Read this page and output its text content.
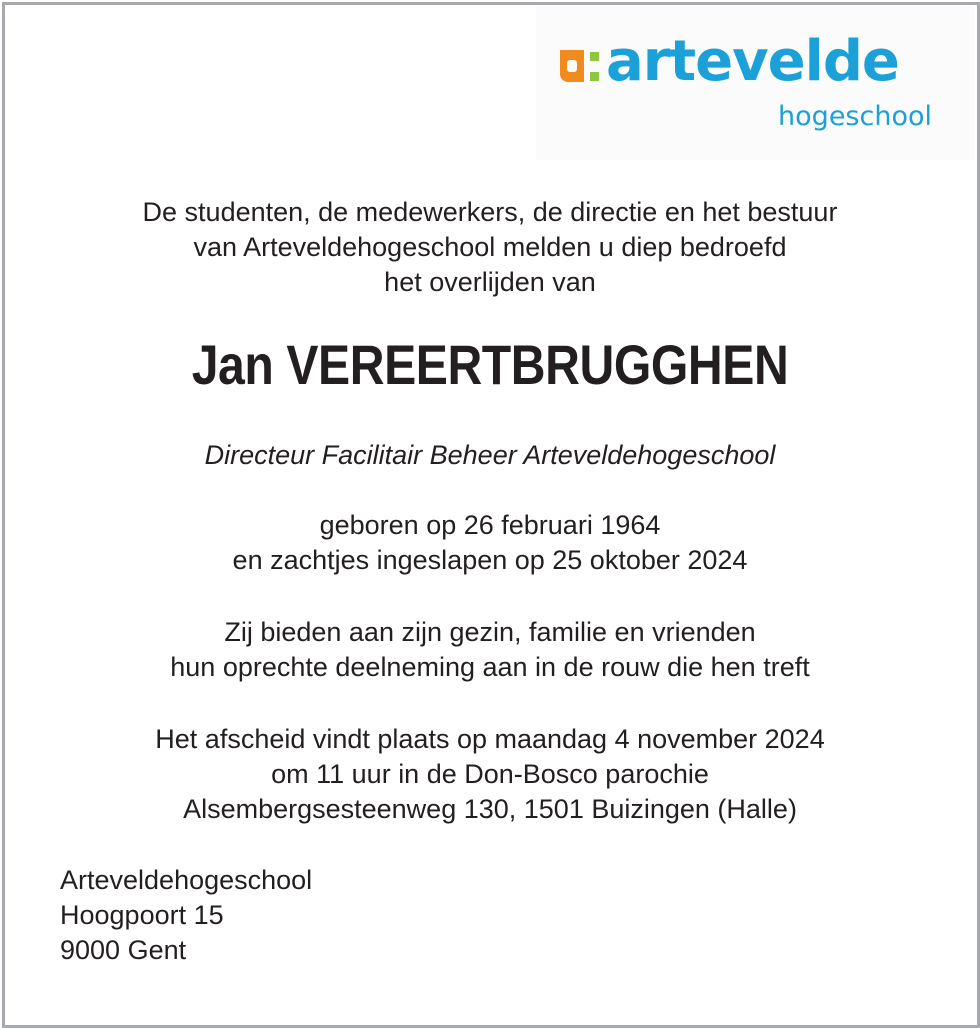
artevelde
hogeschool
De studenten, de medewerkers, de directie en het bestuur
van Arteveldehogeschool melden u diep bedroefd
het overlijden van
Jan VEREERTBRUGGHEN
Directeur Facilitair Beheer Arteveldehogeschool
geboren op 26 februari 1964
en zachtjes ingeslapen op 25 oktober 2024
Zij bieden aan zijn gezin, familie en vrienden
hun oprechte deelneming aan in de rouw die hen treft
Het afscheid vindt plaats op maandag 4 november 2024
om 11 uur in de Don-Bosco parochie
Alsembergsesteenweg 130, 1501 Buizingen (Halle)
Arteveldehogeschool
Hoogpoort 15
9000 Gent
